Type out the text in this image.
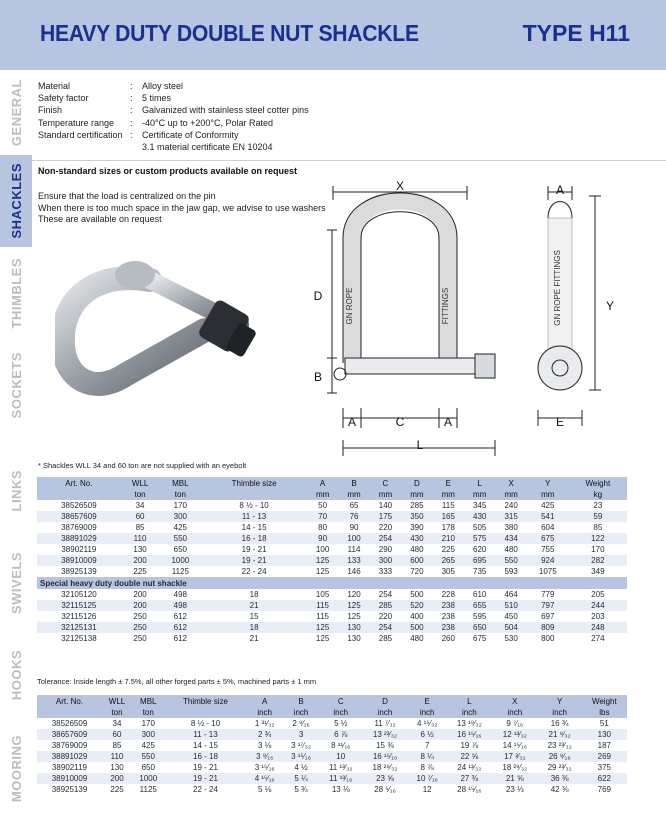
HEAVY DUTY DOUBLE NUT SHACKLE	TYPE H11
GENERAL
SHACKLES
THIMBLES
SOCKETS
LINKS
SWIVELS
HOOKS
MOORING
Material	:	Alloy steel
Safety factor	:	5 times
Finish	:	Galvanized with stainless steel cotter pins
Temperature range	:	-40°C up to +200°C, Polar Rated
Standard certification :	Certificate of Conformity
3.1 material certificate EN 10204
Non-standard sizes or custom products available on request
Ensure that the load is centralized on the pin
When there is too much space in the jaw gap, we advise to use washers
These are available on request
X
D
B
A	C	A
L
A
Y
E
GN ROPE	FITTINGS	GN ROPE FITTINGS
* Shackles WLL 34 and 60 ton are not supplied with an eyebolt
Art. No.	WLL	MBL	Thimble size	A	B	C	D	E	L	X	Y	Weight
	ton	ton		mm	mm	mm	mm	mm	mm	mm	mm	kg
38526509	34	170	8 ½ - 10	50	65	140	285	115	345	240	425	23
38657609	60	300	11 - 13	70	76	175	350	165	430	315	541	59
38769009	85	425	14 - 15	80	90	220	390	178	505	380	604	85
38891029	110	550	16 - 18	90	100	254	430	210	575	434	675	122
38902119	130	650	19 - 21	100	114	290	480	225	620	480	755	170
38910009	200	1000	19 - 21	125	133	300	600	265	695	550	924	282
38925139	225	1125	22 - 24	125	146	333	720	305	735	593	1075	349
Special heavy duty double nut shackle												
32105120	200	498	18	105	120	254	500	228	610	464	779	205
32115125	200	498	21	115	125	285	520	238	655	510	797	244
32115126	250	612	15	115	125	220	400	238	595	450	697	203
32125131	250	612	18	125	130	254	500	238	650	504	809	248
32125138	250	612	21	125	130	285	480	260	675	530	800	274
Tolerance: Inside length ± 7.5%, all other forged parts ± 5%, machined parts ± 1 mm
Art. No.	WLL	MBL	Thimble size	A	B	C	D	E	L	X	Y	Weight
	ton	ton		inch	inch	inch	inch	inch	inch	inch	inch	lbs
38526509	34	170	8 ½ - 10	1 ³¹⁄₃₂	2 ⁹⁄₁₆	5 ½	11 ⁷⁄₃₂	4 ¹⁵⁄₃₂	13 ¹⁹⁄₃₂	9 ⁷⁄₁₆	16 ¾	51
38657609	60	300	11 - 13	2 ¾	3	6 ⅞	13 ²³⁄₃₂	6 ½	16 ¹⁵⁄₁₆	12 ¹³⁄₃₂	21 ⁹⁄₃₂	130
38769009	85	425	14 - 15	3 ⅛	3 ¹⁷⁄₃₂	8 ¹¹⁄₁₆	15 ⅜	7	19 ⅞	14 ¹⁵⁄₁₆	23 ²³⁄₃₂	187
38891029	110	550	16 - 18	3 ⁹⁄₁₆	3 ¹⁵⁄₁₆	10	16 ¹⁵⁄₁₆	8 ¼	22 ⅝	17 ³⁄₃₂	26 ⁹⁄₁₆	269
38902119	130	650	19 - 21	3 ¹⁵⁄₁₆	4 ½	11 ¹³⁄₃₂	18 ²⁹⁄₃₂	8 ⅞	24 ¹³⁄₃₂	18 ²⁹⁄₃₂	29 ²³⁄₃₂	375
38910009	200	1000	19 - 21	4 ¹⁵⁄₁₆	5 ¼	11 ¹³⁄₁₆	23 ⅝	10 ⁷⁄₁₆	27 ⅜	21 ⅝	36 ⅜	622
38925139	225	1125	22 - 24	5 ⅛	5 ¾	13 ⅛	28 ⁵⁄₁₆	12	28 ¹⁵⁄₁₆	23 ⅓	42 ⅜	769
